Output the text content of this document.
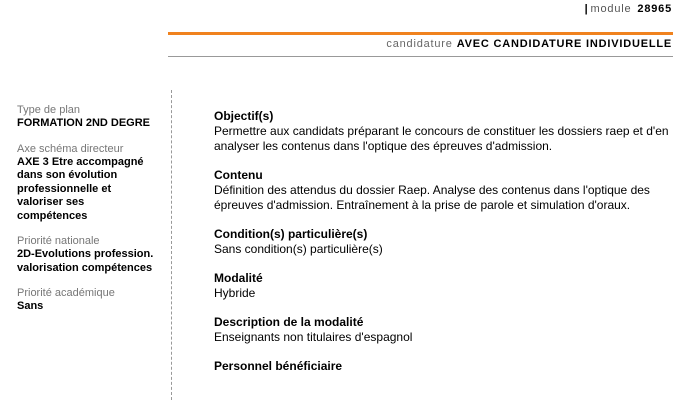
| module 28965
candidature AVEC CANDIDATURE INDIVIDUELLE
Type de plan
FORMATION 2ND DEGRE
Axe schéma directeur
AXE 3 Etre accompagné dans son évolution professionnelle et valoriser ses compétences
Priorité nationale
2D-Evolutions profession. valorisation compétences
Priorité académique
Sans
Objectif(s)
Permettre aux candidats préparant le concours de constituer les dossiers raep et d'en analyser les contenus dans l'optique des épreuves d'admission.
Contenu
Définition des attendus du dossier Raep. Analyse des contenus dans l'optique des épreuves d'admission. Entraînement à la prise de parole et simulation d'oraux.
Condition(s) particulière(s)
Sans condition(s) particulière(s)
Modalité
Hybride
Description de la modalité
Enseignants non titulaires d'espagnol
Personnel bénéficiaire
